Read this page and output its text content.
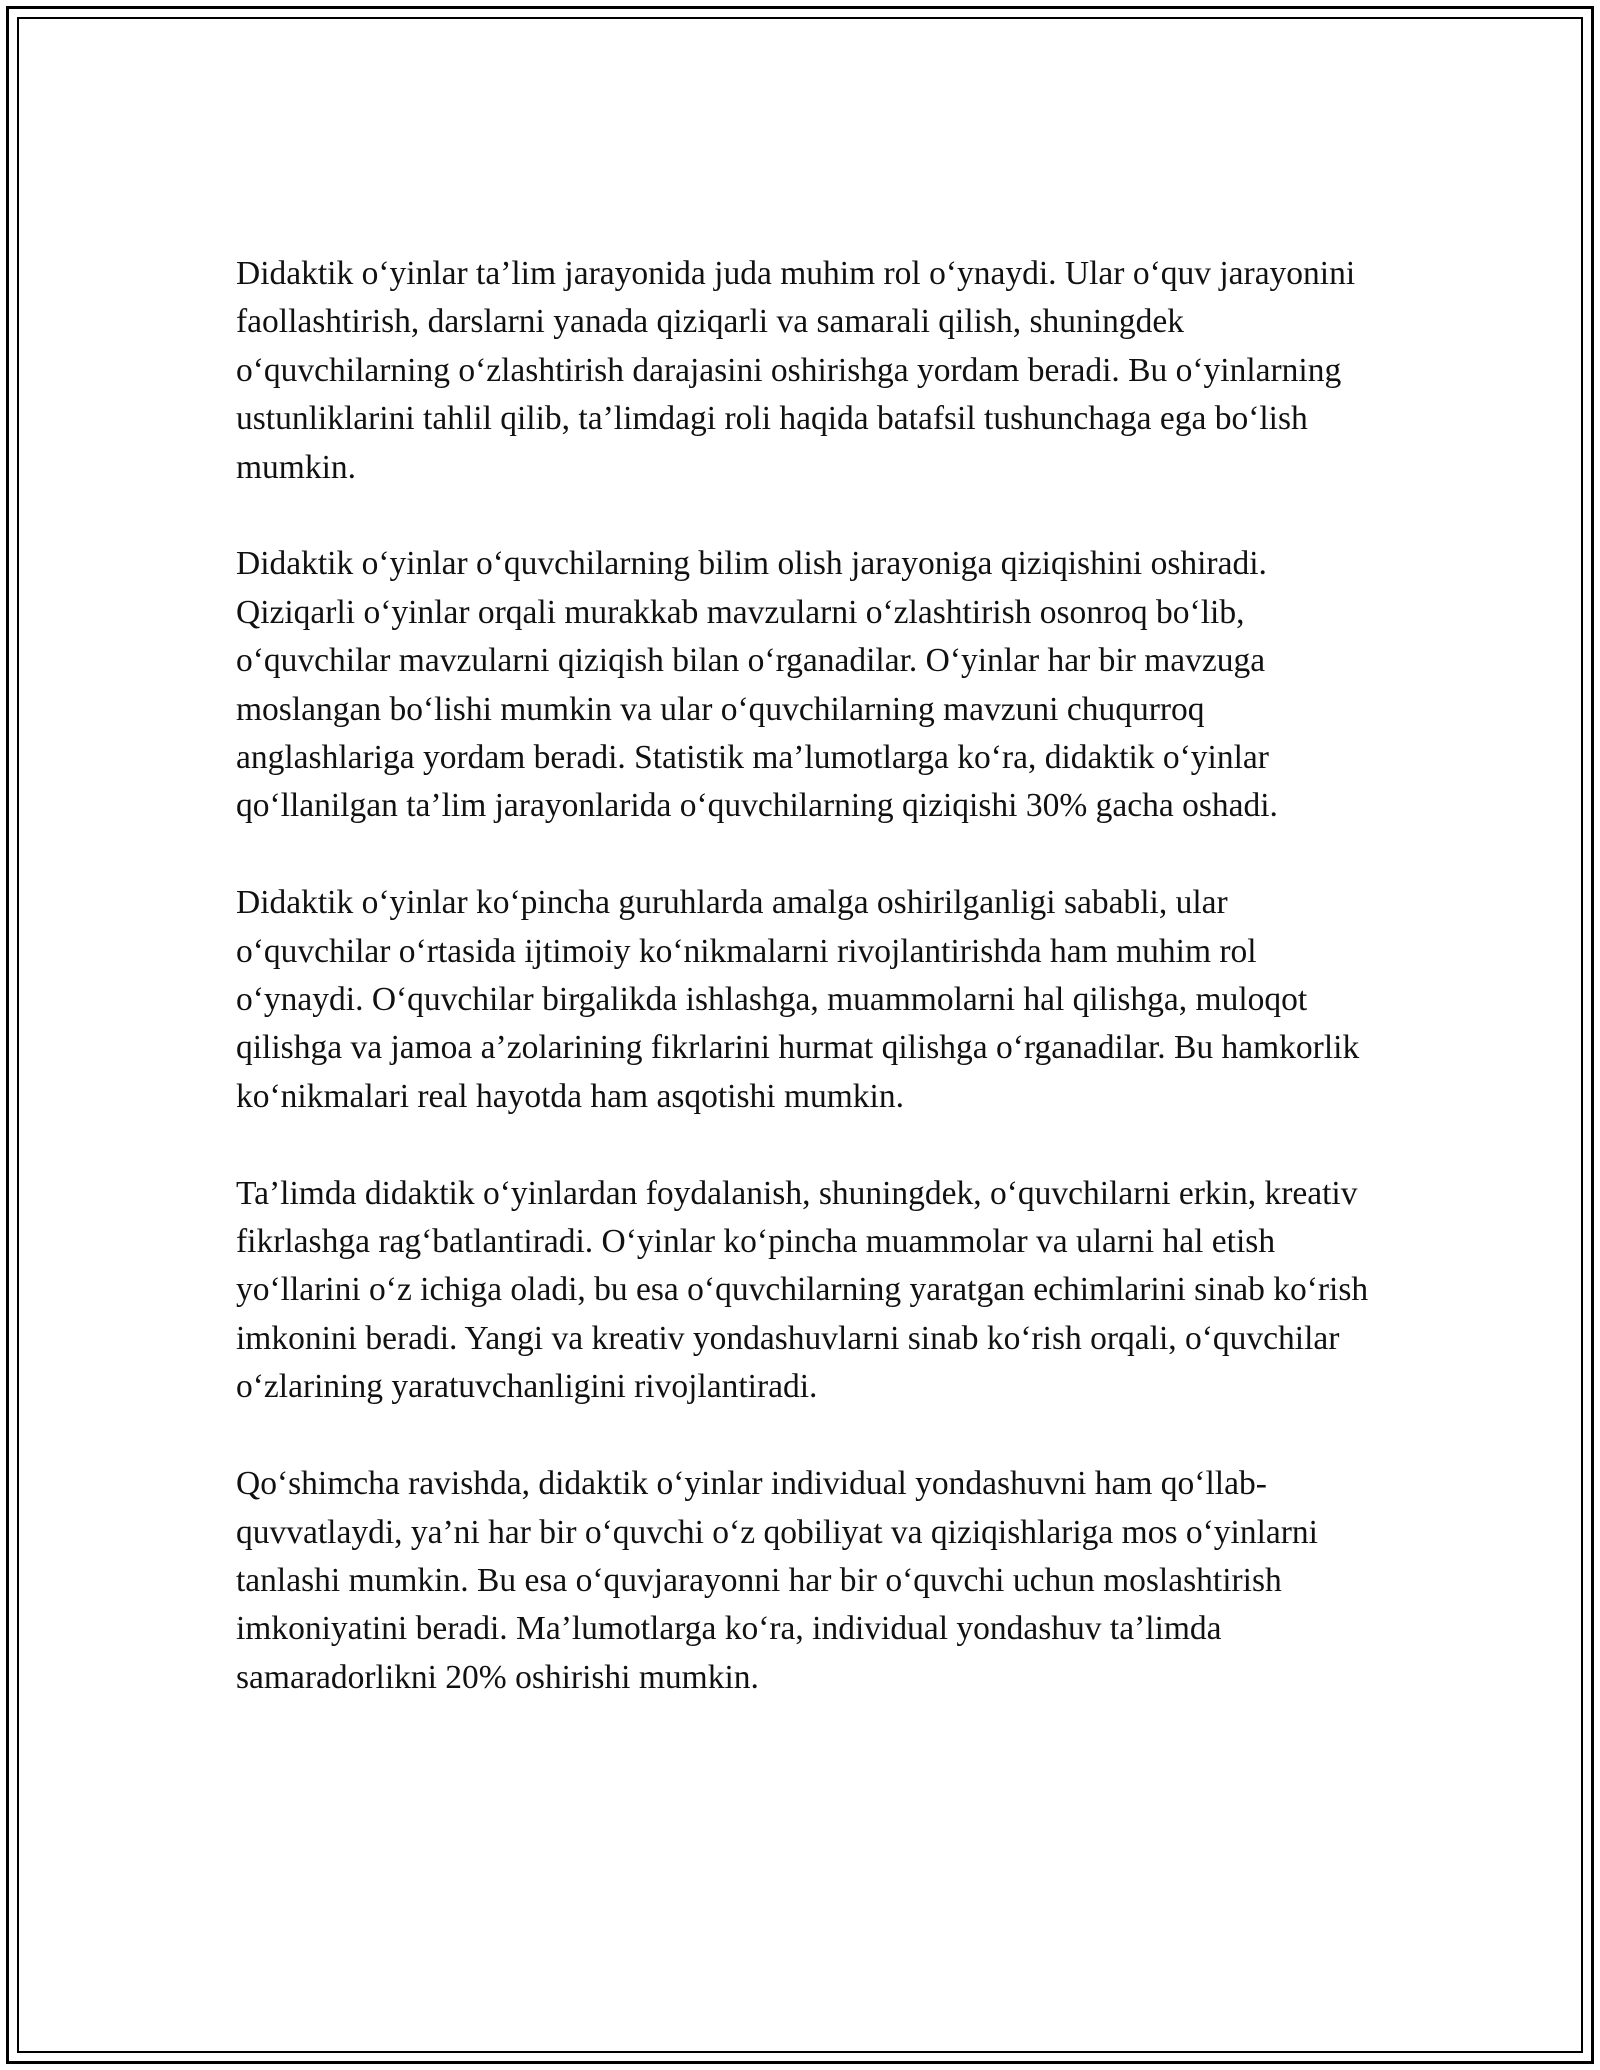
Didaktik o‘yinlar ta’lim jarayonida juda muhim rol o‘ynaydi. Ular o‘quv jarayonini faollashtirish, darslarni yanada qiziqarli va samarali qilish, shuningdek o‘quvchilarning o‘zlashtirish darajasini oshirishga yordam beradi. Bu o‘yinlarning ustunliklarini tahlil qilib, ta’limdagi roli haqida batafsil tushunchaga ega bo‘lish mumkin.

Didaktik o‘yinlar o‘quvchilarning bilim olish jarayoniga qiziqishini oshiradi. Qiziqarli o‘yinlar orqali murakkab mavzularni o‘zlashtirish osonroq bo‘lib, o‘quvchilar mavzularni qiziqish bilan o‘rganadilar. O‘yinlar har bir mavzuga moslangan bo‘lishi mumkin va ular o‘quvchilarning mavzuni chuqurroq anglashlariga yordam beradi. Statistik ma’lumotlarga ko‘ra, didaktik o‘yinlar qo‘llanilgan ta’lim jarayonlarida o‘quvchilarning qiziqishi 30% gacha oshadi.

Didaktik o‘yinlar ko‘pincha guruhlarda amalga oshirilganligi sababli, ular o‘quvchilar o‘rtasida ijtimoiy ko‘nikmalarni rivojlantirishda ham muhim rol o‘ynaydi. O‘quvchilar birgalikda ishlashga, muammolarni hal qilishga, muloqot qilishga va jamoa a’zolarining fikrlarini hurmat qilishga o‘rganadilar. Bu hamkorlik ko‘nikmalari real hayotda ham asqotishi mumkin.

Ta’limda didaktik o‘yinlardan foydalanish, shuningdek, o‘quvchilarni erkin, kreativ fikrlashga rag‘batlantiradi. O‘yinlar ko‘pincha muammolar va ularni hal etish yo‘llarini o‘z ichiga oladi, bu esa o‘quvchilarning yaratgan echimlarini sinab ko‘rish imkonini beradi. Yangi va kreativ yondashuvlarni sinab ko‘rish orqali, o‘quvchilar o‘zlarining yaratuvchanligini rivojlantiradi.

Qo‘shimcha ravishda, didaktik o‘yinlar individual yondashuvni ham qo‘llab-quvvatlaydi, ya’ni har bir o‘quvchi o‘z qobiliyat va qiziqishlariga mos o‘yinlarni tanlashi mumkin. Bu esa o‘quvjarayonni har bir o‘quvchi uchun moslashtirish imkoniyatini beradi. Ma’lumotlarga ko‘ra, individual yondashuv ta’limda samaradorlikni 20% oshirishi mumkin.
